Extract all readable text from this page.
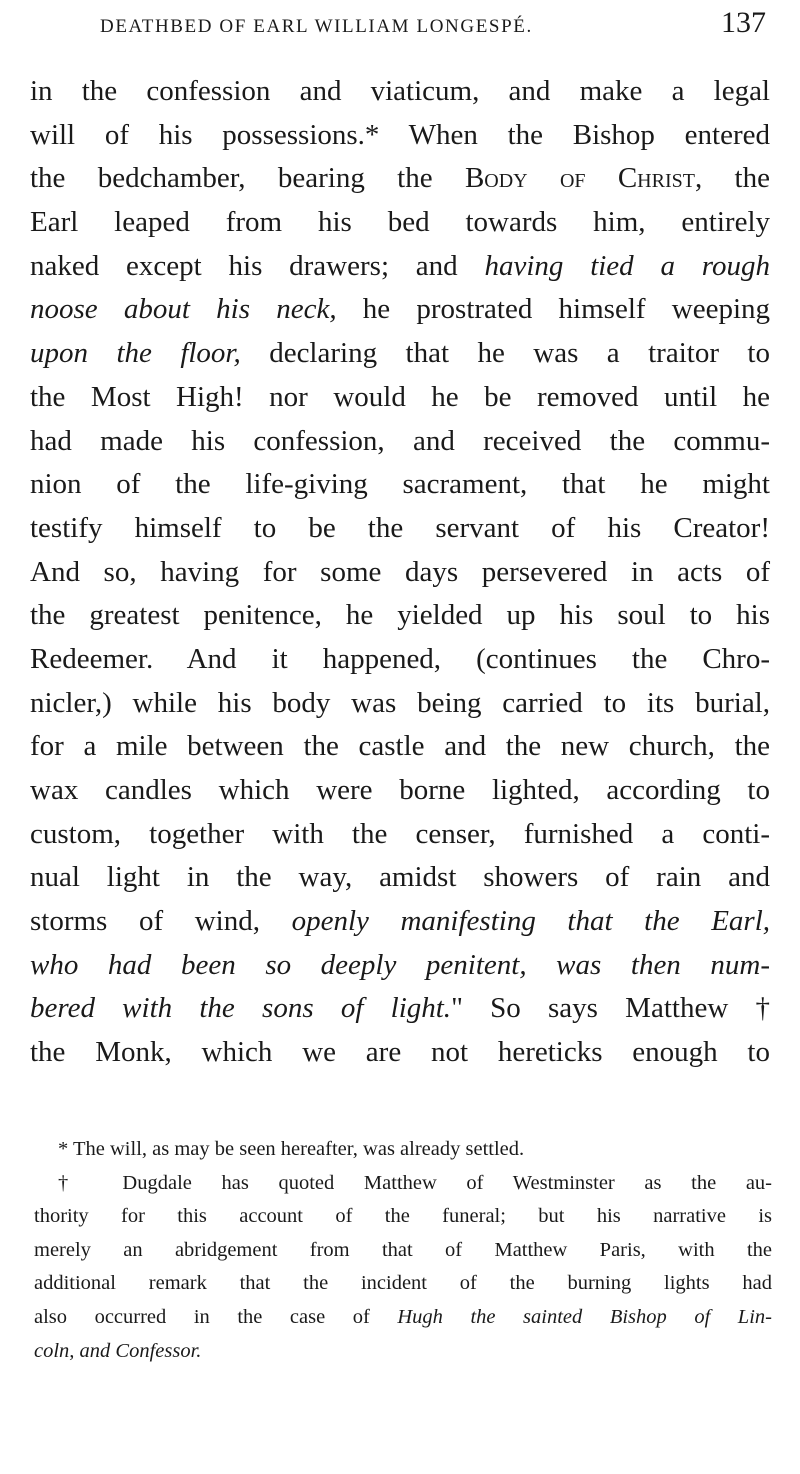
DEATHBED OF EARL WILLIAM LONGESPÉ.	137
in the confession and viaticum, and make a legal
will of his possessions.* When the Bishop entered
the bedchamber, bearing the Body of Christ, the
Earl leaped from his bed towards him, entirely
naked except his drawers; and having tied a rough
noose about his neck, he prostrated himself weeping
upon the floor, declaring that he was a traitor to
the Most High! nor would he be removed until he
had made his confession, and received the commu-
nion of the life-giving sacrament, that he might
testify himself to be the servant of his Creator!
And so, having for some days persevered in acts of
the greatest penitence, he yielded up his soul to his
Redeemer. And it happened, (continues the Chro-
nicler,) while his body was being carried to its burial,
for a mile between the castle and the new church, the
wax candles which were borne lighted, according to
custom, together with the censer, furnished a conti-
nual light in the way, amidst showers of rain and
storms of wind, openly manifesting that the Earl,
who had been so deeply penitent, was then num-
bered with the sons of light." So says Matthew †
the Monk, which we are not hereticks enough to
* The will, as may be seen hereafter, was already settled.
† Dugdale has quoted Matthew of Westminster as the au-
thority for this account of the funeral; but his narrative is
merely an abridgement from that of Matthew Paris, with the
additional remark that the incident of the burning lights had
also occurred in the case of Hugh the sainted Bishop of Lin-
coln, and Confessor.
